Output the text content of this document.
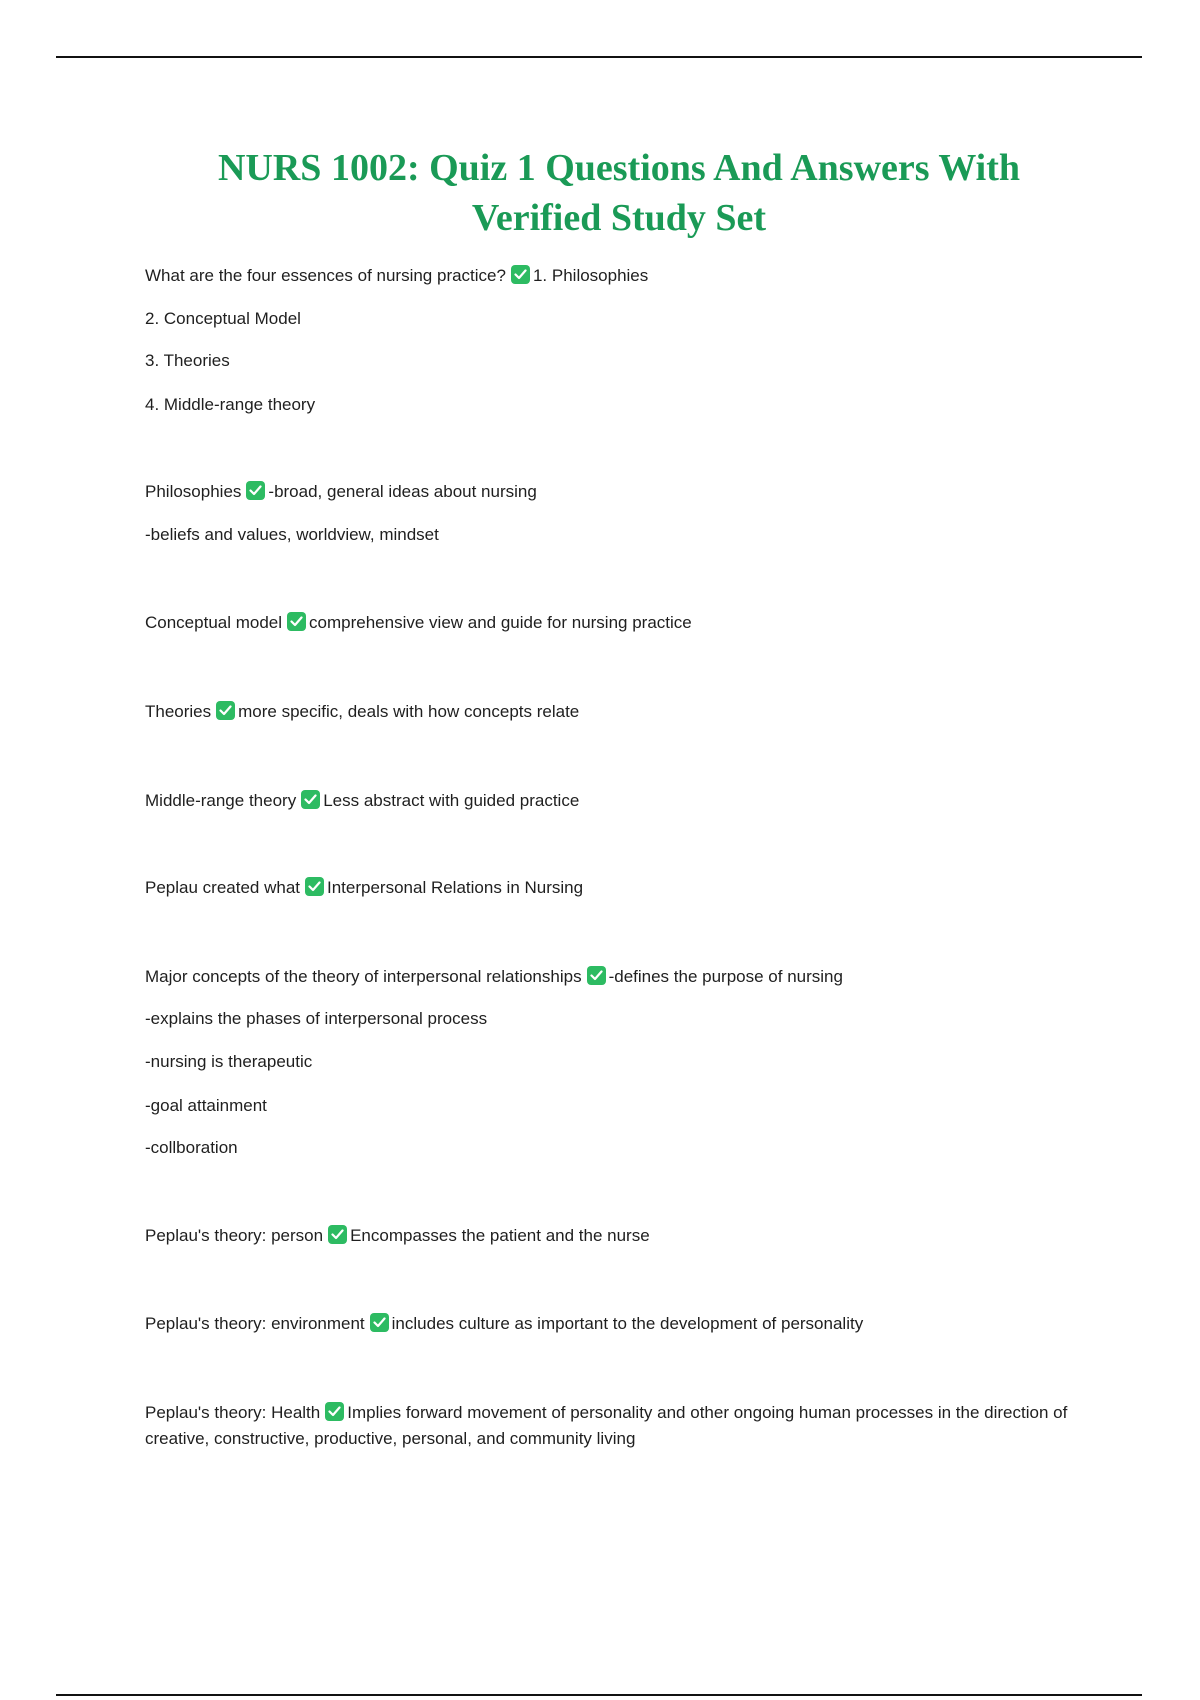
NURS 1002: Quiz 1 Questions And Answers With
Verified Study Set

What are the four essences of nursing practice? 1. Philosophies

2. Conceptual Model

3. Theories

4. Middle-range theory

Philosophies -broad, general ideas about nursing

-beliefs and values, worldview, mindset

Conceptual model comprehensive view and guide for nursing practice

Theories more specific, deals with how concepts relate

Middle-range theory Less abstract with guided practice

Peplau created what Interpersonal Relations in Nursing

Major concepts of the theory of interpersonal relationships -defines the purpose of nursing

-explains the phases of interpersonal process

-nursing is therapeutic

-goal attainment

-collboration

Peplau's theory: person Encompasses the patient and the nurse

Peplau's theory: environment includes culture as important to the development of personality

Peplau's theory: Health Implies forward movement of personality and other ongoing human processes in the direction of creative, constructive, productive, personal, and community living
